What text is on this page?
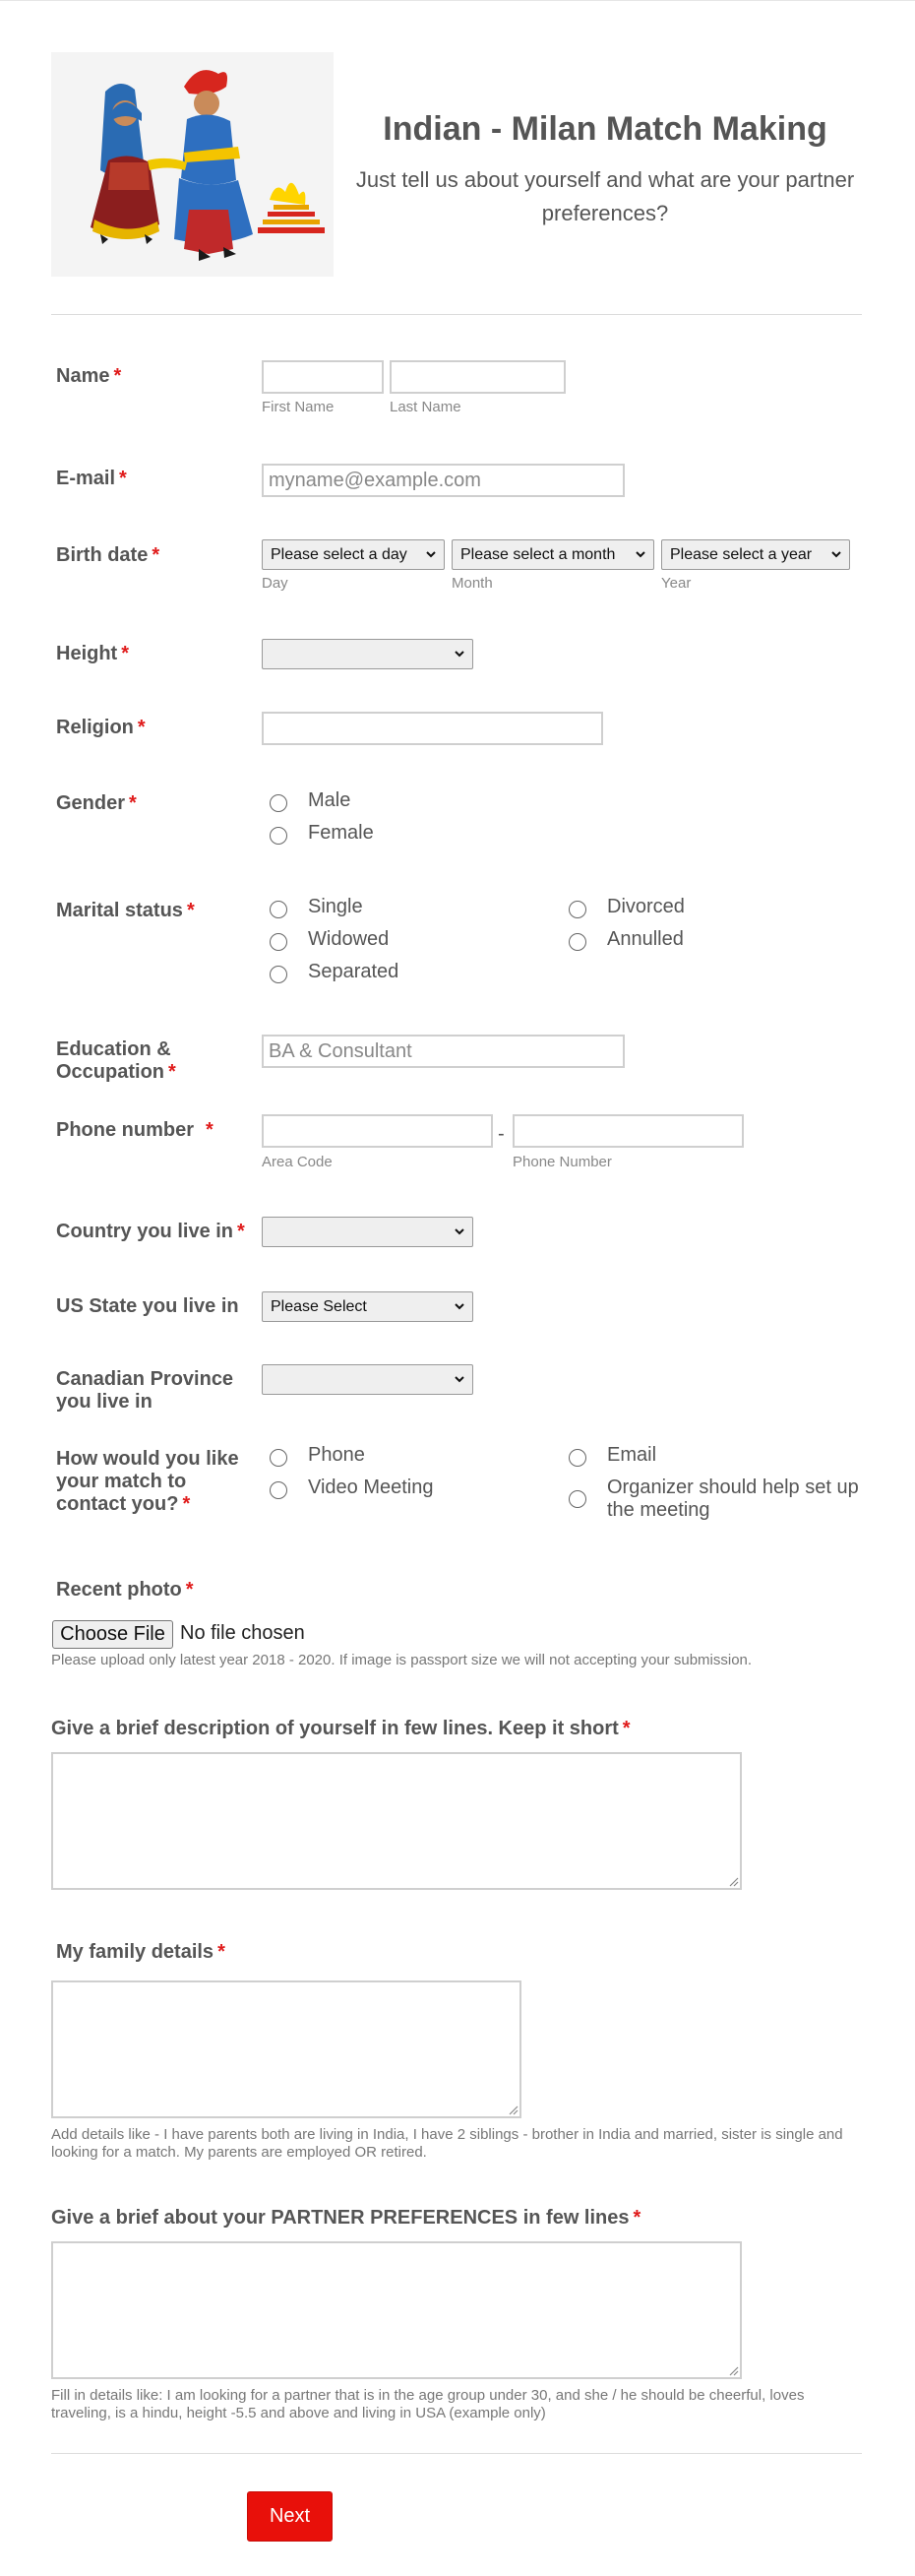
Indian - Milan Match Making
Just tell us about yourself and what are your partner preferences?
Name *
First Name	Last Name
E-mail *
myname@example.com
Birth date *	Please select a day	Please select a month	Please select a year
Day	Month	Year
Height *
Religion *
Gender *	Male
Female
Marital status *	Single	Divorced
Widowed	Annulled
Separated
Education &
Occupation *
BA & Consultant
Phone number *	-
Area Code	Phone Number
Country you live in *
US State you live in	Please Select
Canadian Province
you live in
How would you like
your match to
contact you? *
Phone	Email
Video Meeting	Organizer should help set up the meeting
Recent photo *
Choose File No file chosen
Please upload only latest year 2018 - 2020. If image is passport size we will not accepting your submission.
Give a brief description of yourself in few lines. Keep it short *
My family details *
Add details like - I have parents both are living in India, I have 2 siblings - brother in India and married, sister is single and looking for a match. My parents are employed OR retired.
Give a brief about your PARTNER PREFERENCES in few lines *
Fill in details like: I am looking for a partner that is in the age group under 30, and she / he should be cheerful, loves traveling, is a hindu, height -5.5 and above and living in USA (example only)
Next
